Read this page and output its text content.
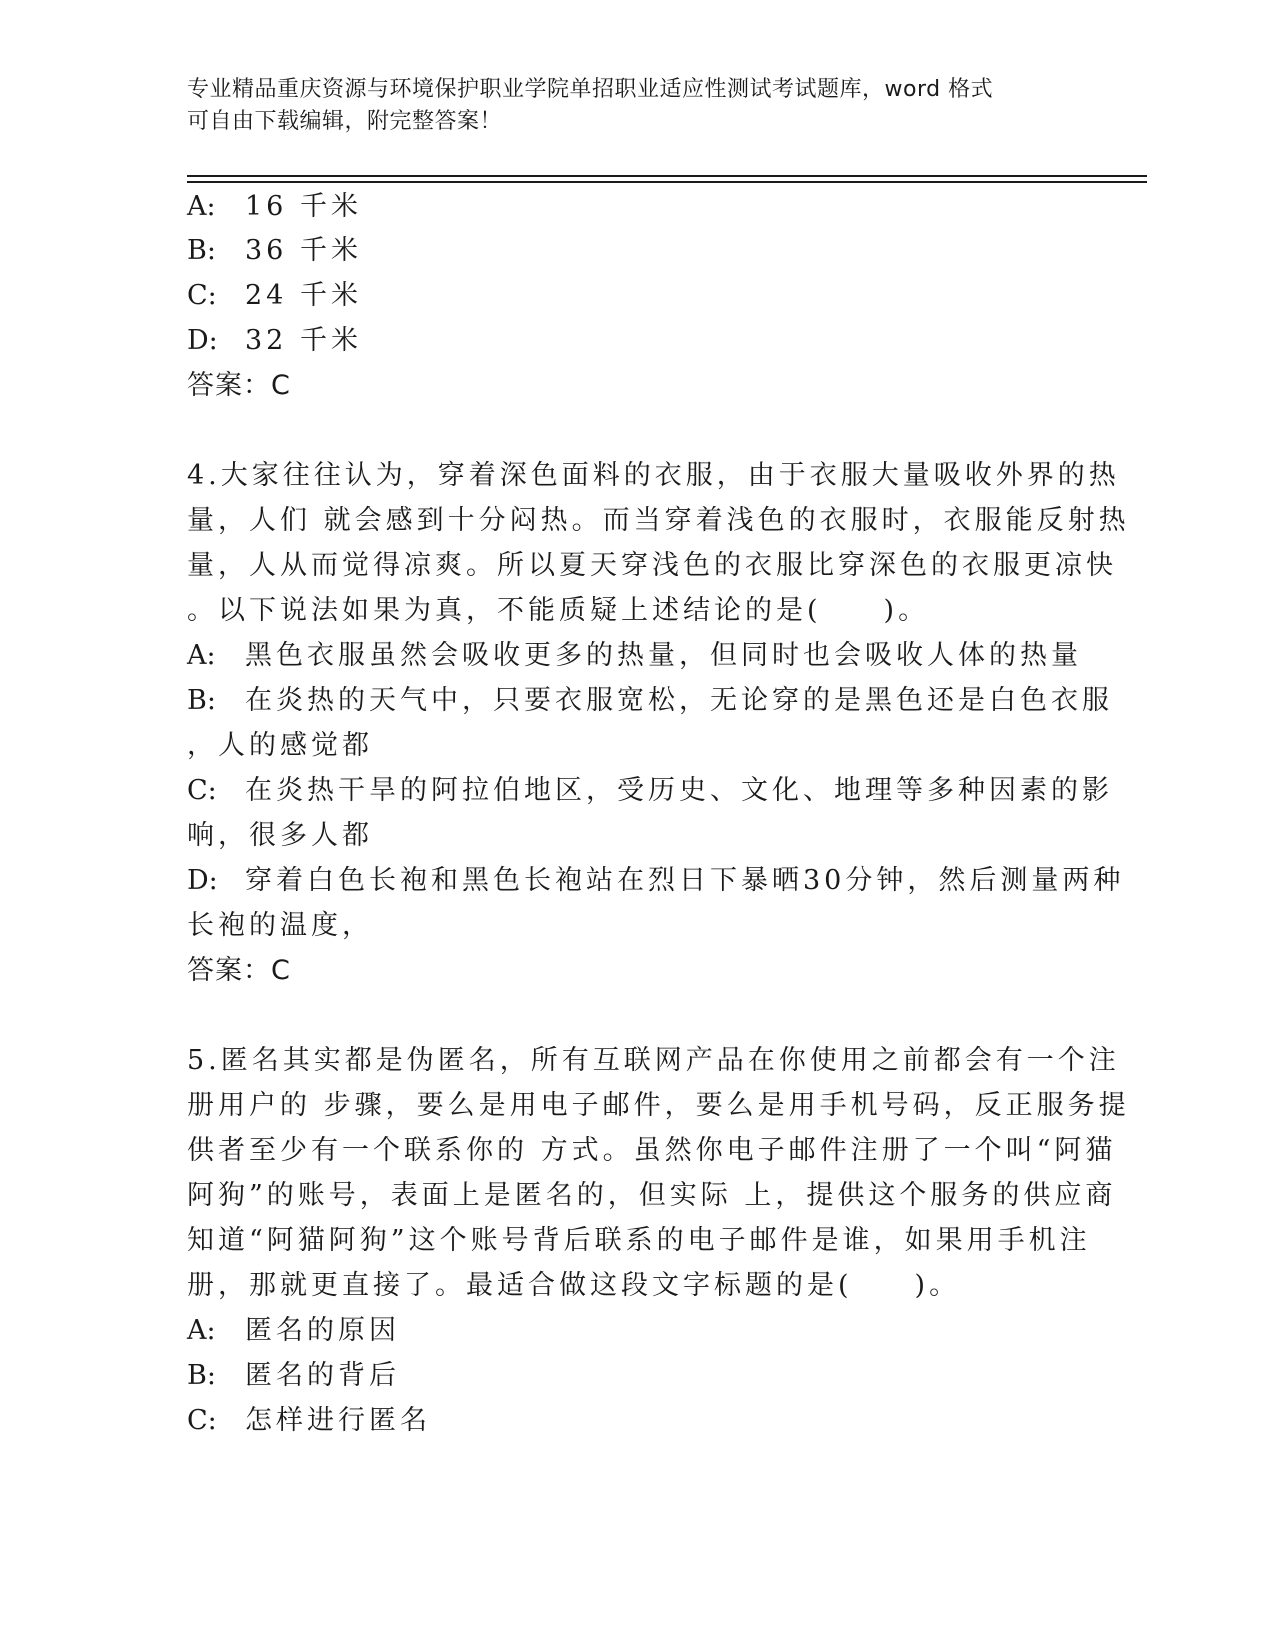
专业精品重庆资源与环境保护职业学院单招职业适应性测试考试题库，word 格式
可自由下载编辑，附完整答案！
A: 16 千米
B: 36 千米
C: 24 千米
D: 32 千米
答案：C
4.大家往往认为，穿着深色面料的衣服，由于衣服大量吸收外界的热
量，人们 就会感到十分闷热。而当穿着浅色的衣服时，衣服能反射热
量，人从而觉得凉爽。所以夏天穿浅色的衣服比穿深色的衣服更凉快
。以下说法如果为真，不能质疑上述结论的是(　　)。
A: 黑色衣服虽然会吸收更多的热量，但同时也会吸收人体的热量
B: 在炎热的天气中，只要衣服宽松，无论穿的是黑色还是白色衣服
，人的感觉都
C: 在炎热干旱的阿拉伯地区，受历史、文化、地理等多种因素的影
响，很多人都
D: 穿着白色长袍和黑色长袍站在烈日下暴晒30分钟，然后测量两种
长袍的温度，
答案：C
5.匿名其实都是伪匿名，所有互联网产品在你使用之前都会有一个注
册用户的 步骤，要么是用电子邮件，要么是用手机号码，反正服务提
供者至少有一个联系你的 方式。虽然你电子邮件注册了一个叫“阿猫
阿狗”的账号，表面上是匿名的，但实际 上，提供这个服务的供应商
知道“阿猫阿狗”这个账号背后联系的电子邮件是谁，如果用手机注
册，那就更直接了。最适合做这段文字标题的是(　　)。
A: 匿名的原因
B: 匿名的背后
C: 怎样进行匿名
